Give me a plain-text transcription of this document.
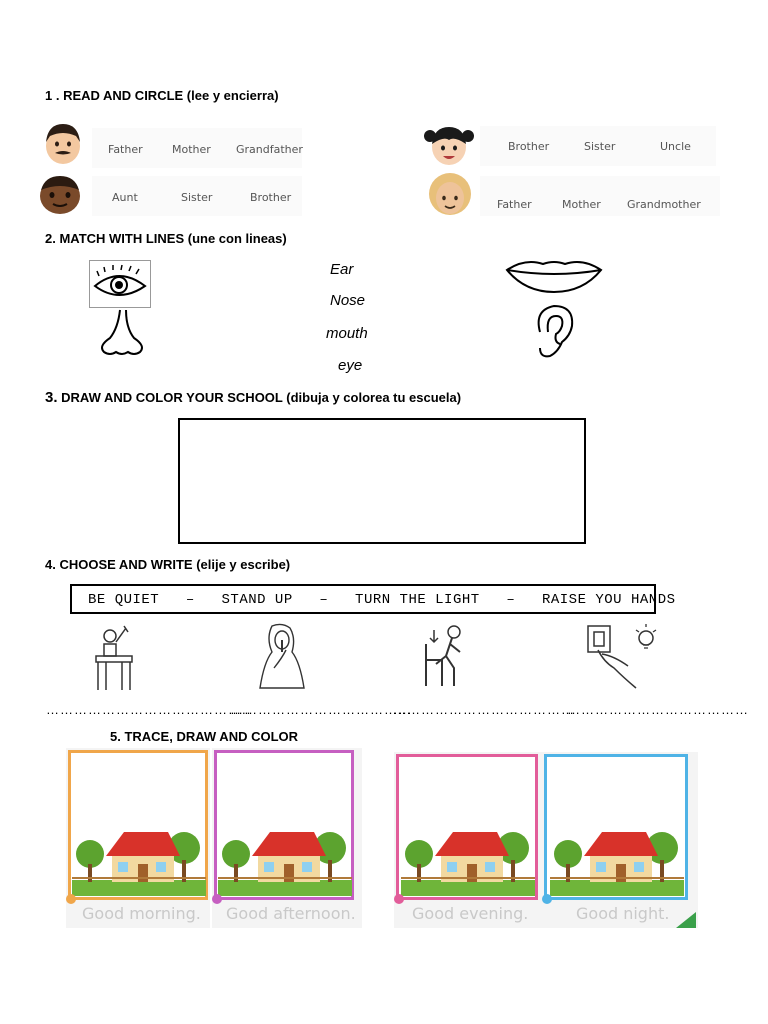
1 . READ AND CIRCLE (lee y encierra)
Father	Mother Grandfather
Aunt	Sister	Brother
Brother	Sister	Uncle
Father	Mother Grandmother
2. MATCH WITH LINES (une con lineas)
Ear
Nose
mouth
eye
3. DRAW AND COLOR YOUR SCHOOL (dibuja y colorea tu escuela)
4. CHOOSE AND WRITE (elije y escribe)
BE QUIET   –   STAND UP   –   TURN THE LIGHT   –   RAISE YOU HANDS
……………………………………..
…………………………………
…………………………………
…………………………………
5. TRACE, DRAW AND COLOR
Good morning. Good afternoon.	Good evening.	Good night.
